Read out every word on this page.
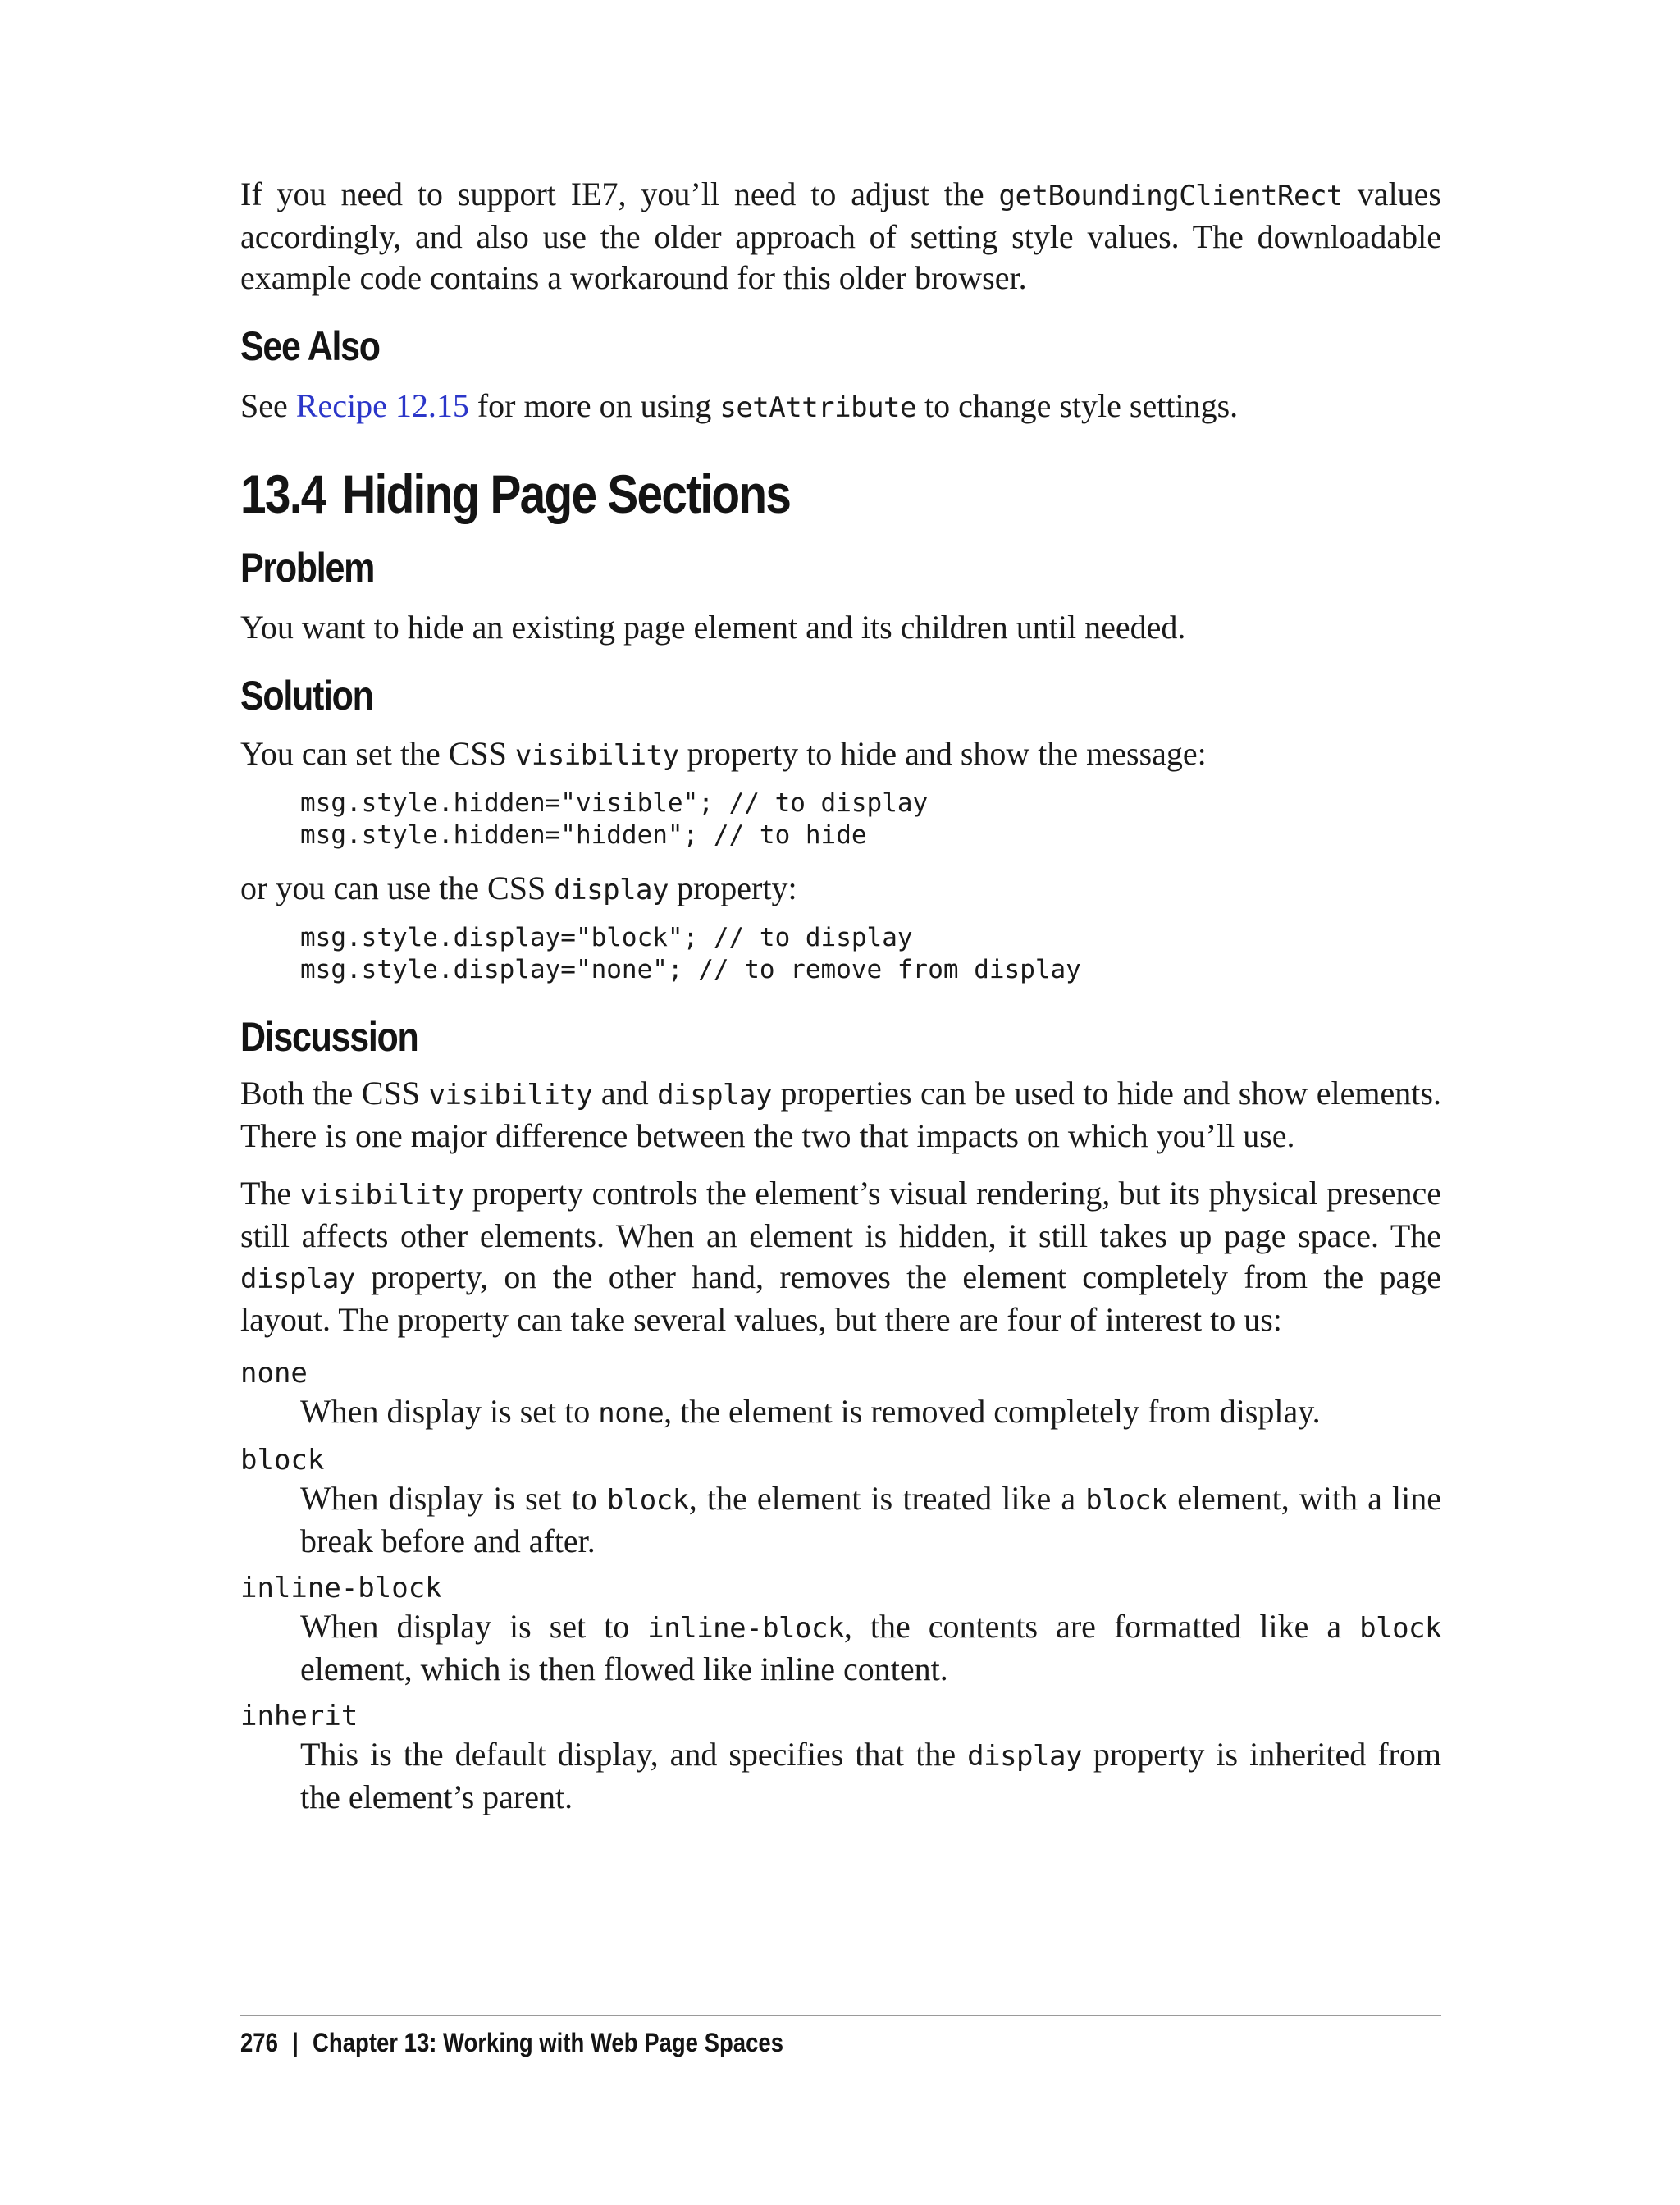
If you need to support IE7, you’ll need to adjust the getBoundingClientRect values accordingly, and also use the older approach of setting style values. The downloadable example code contains a workaround for this older browser.

See Also

See Recipe 12.15 for more on using setAttribute to change style settings.

13.4 Hiding Page Sections
Problem

You want to hide an existing page element and its children until needed.

Solution

You can set the CSS visibility property to hide and show the message:

msg.style.hidden="visible"; // to display
msg.style.hidden="hidden"; // to hide

or you can use the CSS display property:

msg.style.display="block"; // to display
msg.style.display="none"; // to remove from display
Discussion

Both the CSS visibility and display properties can be used to hide and show elements. There is one major difference between the two that impacts on which you’ll use.

The visibility property controls the element’s visual rendering, but its physical presence still affects other elements. When an element is hidden, it still takes up page space. The display property, on the other hand, removes the element completely from the page layout. The property can take several values, but there are four of interest to us:

none
When display is set to none, the element is removed completely from display.
block
When display is set to block, the element is treated like a block element, with a line break before and after.
inline-block
When display is set to inline-block, the contents are formatted like a block element, which is then flowed like inline content.
inherit
This is the default display, and specifies that the display property is inherited from the element’s parent.
276 | Chapter 13: Working with Web Page Spaces
